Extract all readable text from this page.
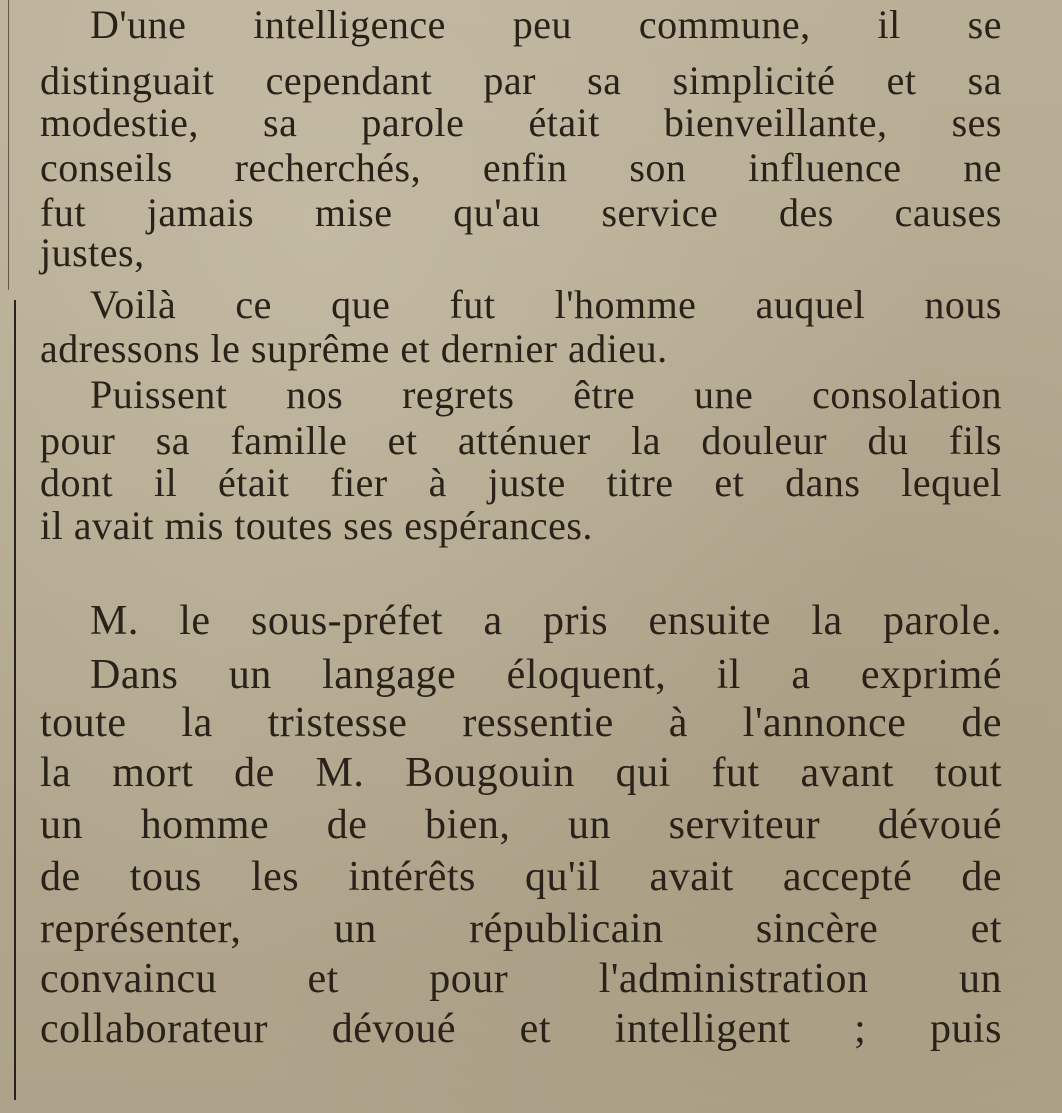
D'une intelligence peu commune, il se
distinguait cependant par sa simplicité et sa
modestie, sa parole était bienveillante, ses
conseils recherchés, enfin son influence ne
fut jamais mise qu'au service des causes
justes,
Voilà ce que fut l'homme auquel nous
adressons le suprême et dernier adieu.
Puissent nos regrets être une consolation
pour sa famille et atténuer la douleur du fils
dont il était fier à juste titre et dans lequel
il avait mis toutes ses espérances.
M. le sous-préfet a pris ensuite la parole.
Dans un langage éloquent, il a exprimé
toute la tristesse ressentie à l'annonce de
la mort de M. Bougouin qui fut avant tout
un homme de bien, un serviteur dévoué
de tous les intérêts qu'il avait accepté de
représenter, un républicain sincère et
convaincu et pour l'administration un
collaborateur dévoué et intelligent ; puis
